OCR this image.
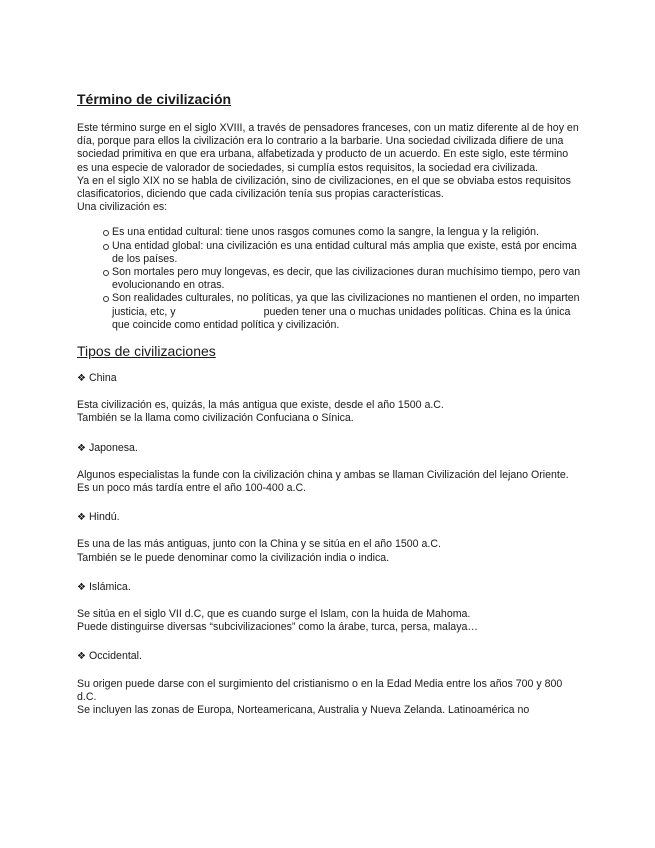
Término de civilización

Este término surge en el siglo XVIII, a través de pensadores franceses, con un matiz diferente al de hoy en día, porque para ellos la civilización era lo contrario a la barbarie. Una sociedad civilizada difiere de una sociedad primitiva en que era urbana, alfabetizada y producto de un acuerdo. En este siglo, este término es una especie de valorador de sociedades, si cumplía estos requisitos, la sociedad era civilizada.

Ya en el siglo XIX no se habla de civilización, sino de civilizaciones, en el que se obviaba estos requisitos clasificatorios, diciendo que cada civilización tenía sus propias características.

Una civilización es:

Es una entidad cultural: tiene unos rasgos comunes como la sangre, la lengua y la religión.
Una entidad global: una civilización es una entidad cultural más amplia que existe, está por encima de los países.
Son mortales pero muy longevas, es decir, que las civilizaciones duran muchísimo tiempo, pero van evolucionando en otras.
Son realidades culturales, no políticas, ya que las civilizaciones no mantienen el orden, no imparten justicia, etc, y	pueden tener una o muchas unidades políticas. China es la única que coincide como entidad política y civilización.
Tipos de civilizaciones
❖ China

Esta civilización es, quizás, la más antigua que existe, desde el año 1500 a.C.

También se la llama como civilización Confuciana o Sínica.

❖ Japonesa.

Algunos especialistas la funde con la civilización china y ambas se llaman Civilización del lejano Oriente.

Es un poco más tardía entre el año 100-400 a.C.

❖ Hindú.

Es una de las más antiguas, junto con la China y se sitúa en el año 1500 a.C.

También se le puede denominar como la civilización india o indica.

❖ Islámica.

Se sitúa en el siglo VII d.C, que es cuando surge el Islam, con la huida de Mahoma.

Puede distinguirse diversas “subcivilizaciones” como la árabe, turca, persa, malaya…

❖ Occidental.

Su origen puede darse con el surgimiento del cristianismo o en la Edad Media entre los años 700 y 800 d.C.

Se incluyen las zonas de Europa, Norteamericana, Australia y Nueva Zelanda. Latinoamérica no
